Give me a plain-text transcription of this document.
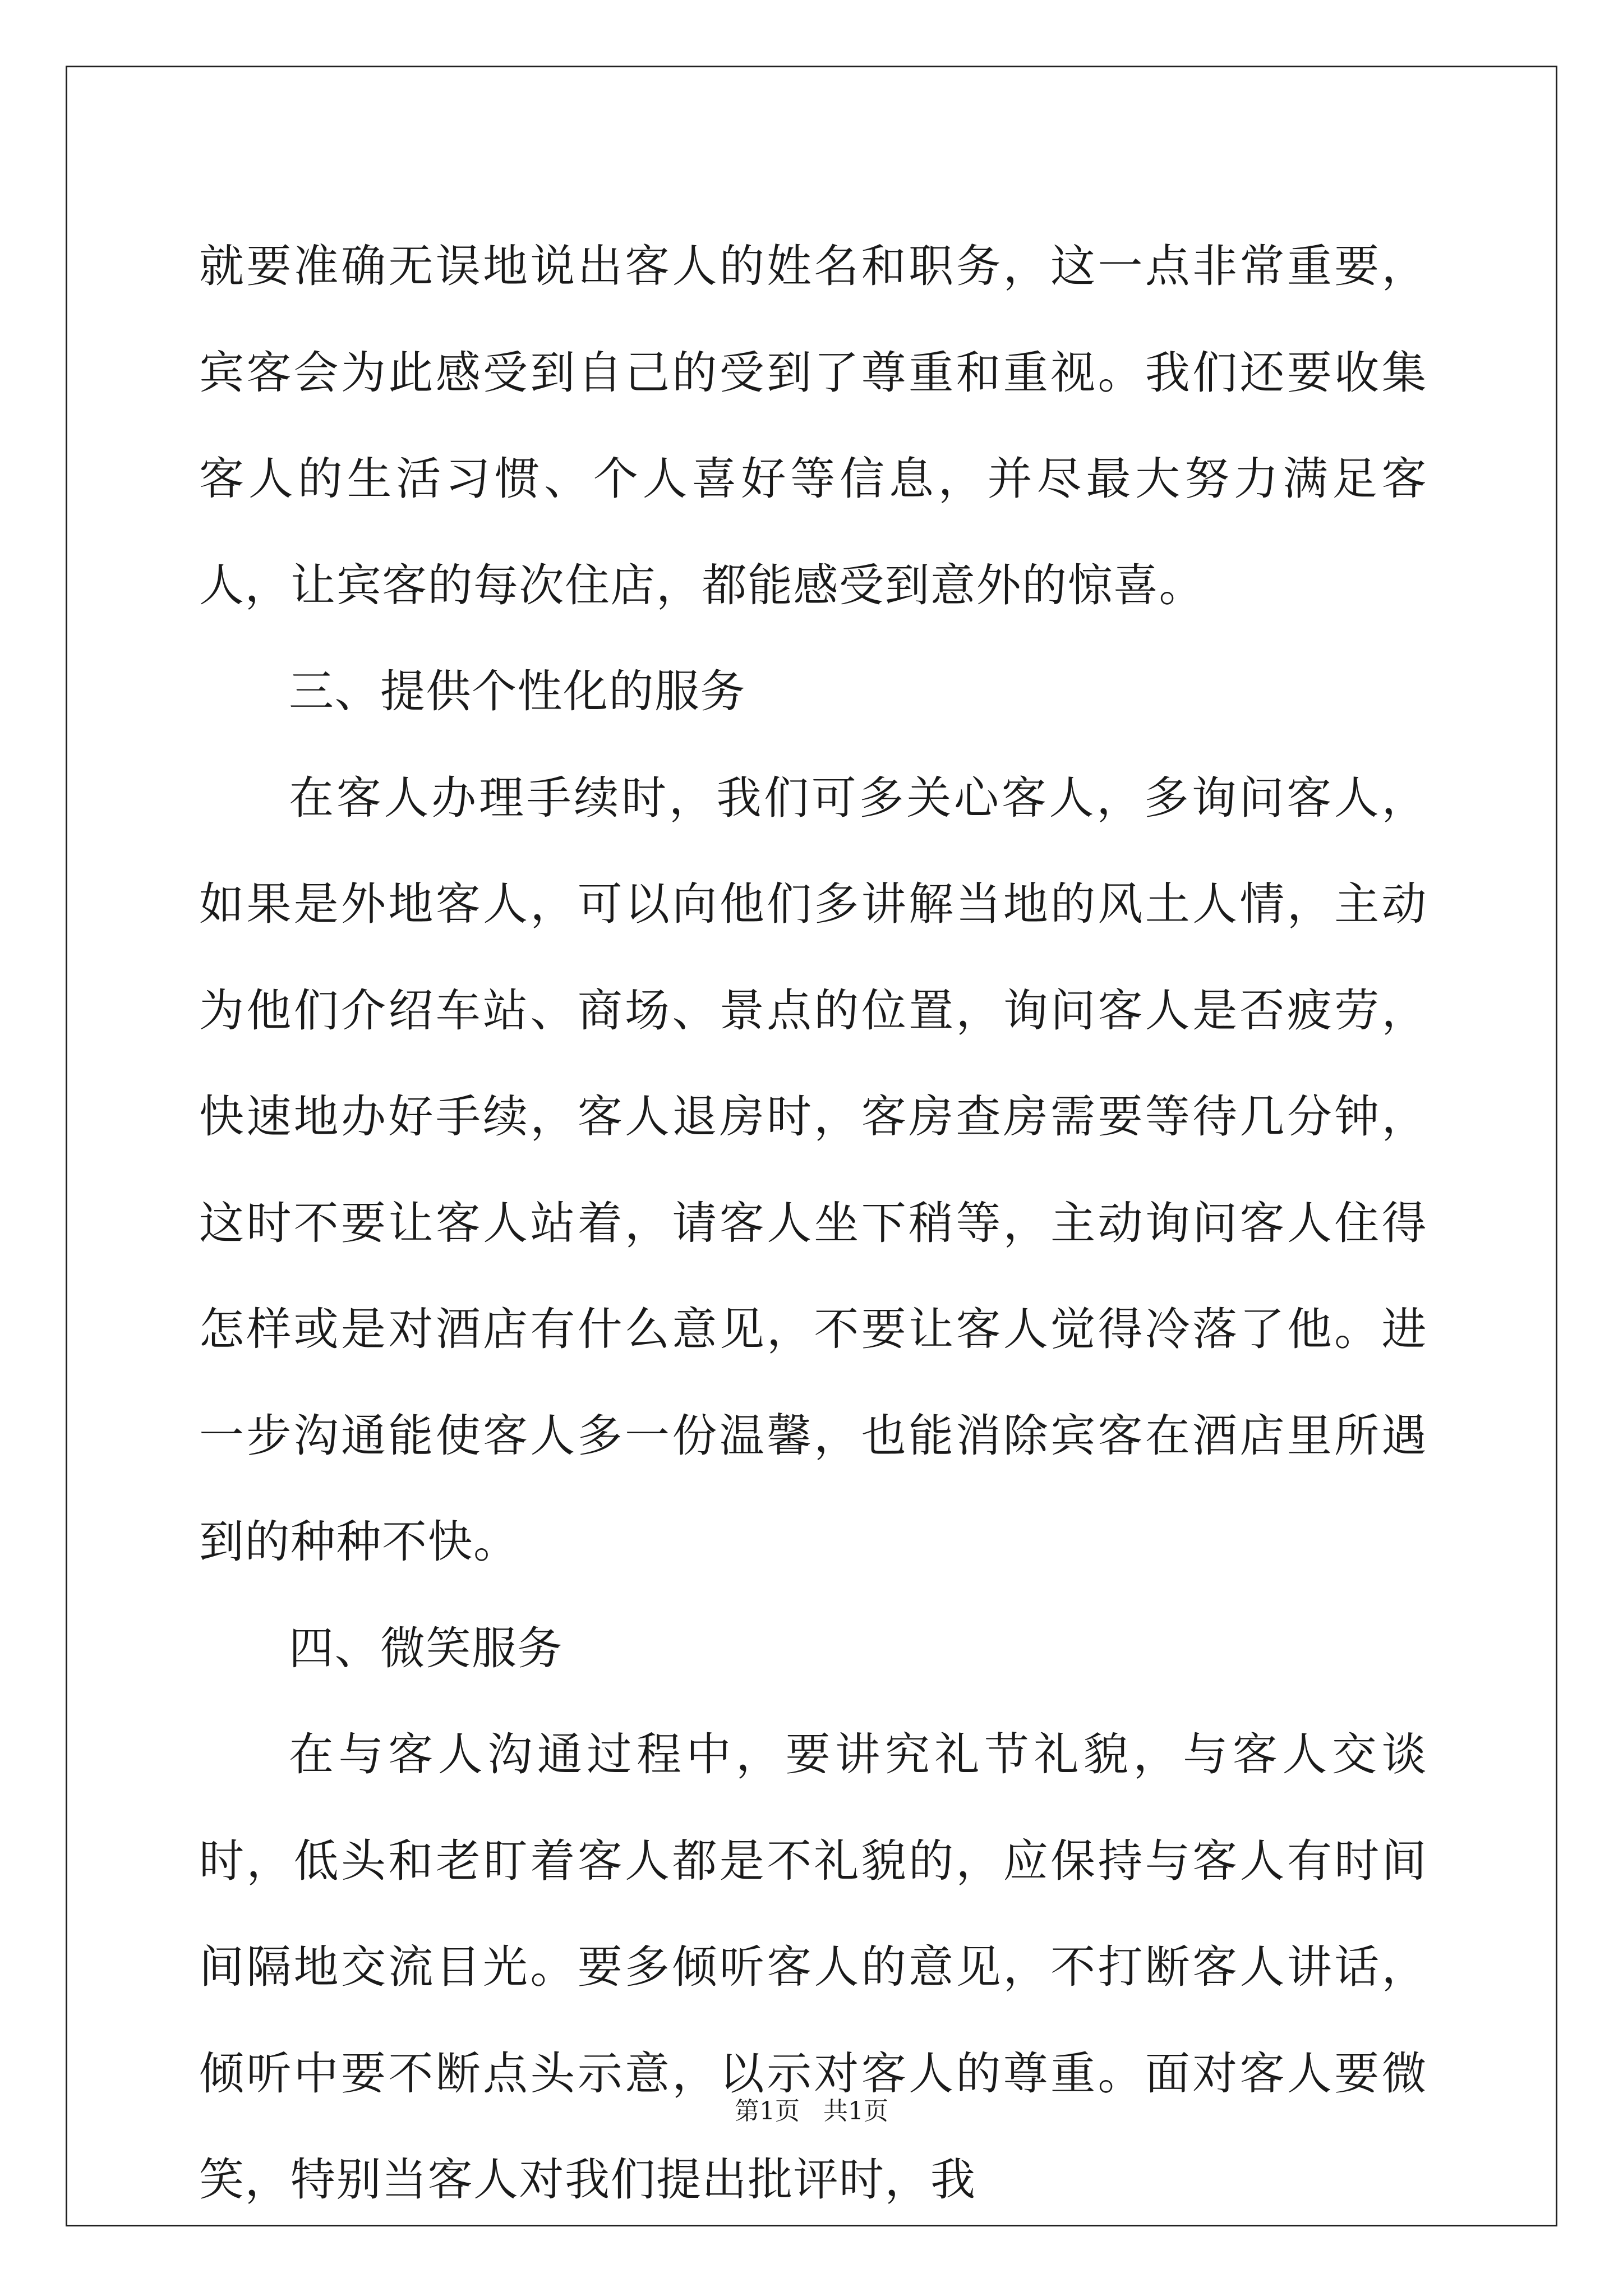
就要准确无误地说出客人的姓名和职务，这一点非常重要，宾客会为此感受到自己的受到了尊重和重视。我们还要收集客人的生活习惯、个人喜好等信息，并尽最大努力满足客人，让宾客的每次住店，都能感受到意外的惊喜。

三、提供个性化的服务

在客人办理手续时，我们可多关心客人，多询问客人，如果是外地客人，可以向他们多讲解当地的风土人情，主动为他们介绍车站、商场、景点的位置，询问客人是否疲劳，快速地办好手续，客人退房时，客房查房需要等待几分钟，这时不要让客人站着，请客人坐下稍等，主动询问客人住得怎样或是对酒店有什么意见，不要让客人觉得冷落了他。进一步沟通能使客人多一份温馨，也能消除宾客在酒店里所遇到的种种不快。

四、微笑服务

在与客人沟通过程中，要讲究礼节礼貌，与客人交谈时，低头和老盯着客人都是不礼貌的，应保持与客人有时间间隔地交流目光。要多倾听客人的意见，不打断客人讲话，倾听中要不断点头示意，以示对客人的尊重。面对客人要微笑，特别当客人对我们提出批评时，我

第1页 共1页
